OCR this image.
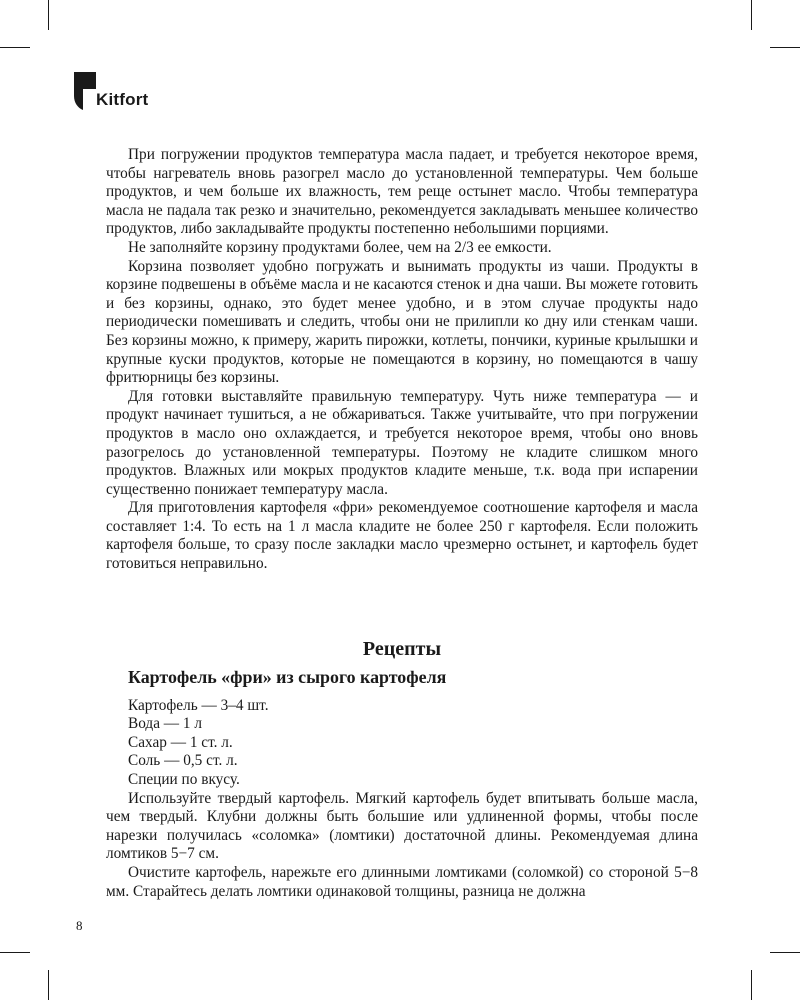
Kitfort

При погружении продуктов температура масла падает, и требуется некоторое время, чтобы нагреватель вновь разогрел масло до установленной температуры. Чем больше продуктов, и чем больше их влажность, тем реще остынет масло. Чтобы температура масла не падала так резко и значительно, рекомендуется закладывать меньшее количество продуктов, либо закладывайте продукты постепенно небольшими порциями.

Не заполняйте корзину продуктами более, чем на 2/3 ее емкости.

Корзина позволяет удобно погружать и вынимать продукты из чаши. Продукты в корзине подвешены в объёме масла и не касаются стенок и дна чаши. Вы можете готовить и без корзины, однако, это будет менее удобно, и в этом случае продукты надо периодически помешивать и следить, чтобы они не прилипли ко дну или стенкам чаши. Без корзины можно, к примеру, жарить пирожки, котлеты, пончики, куриные крылышки и крупные куски продуктов, которые не помещаются в корзину, но помещаются в чашу фритюрницы без корзины.

Для готовки выставляйте правильную температуру. Чуть ниже температура — и продукт начинает тушиться, а не обжариваться. Также учитывайте, что при погружении продуктов в масло оно охлаждается, и требуется некоторое время, чтобы оно вновь разогрелось до установленной температуры. Поэтому не кладите слишком много продуктов. Влажных или мокрых продуктов кладите меньше, т.к. вода при испарении существенно понижает температуру масла.

Для приготовления картофеля «фри» рекомендуемое соотношение картофеля и масла составляет 1:4. То есть на 1 л масла кладите не более 250 г картофеля. Если положить картофеля больше, то сразу после закладки масло чрезмерно остынет, и картофель будет готовиться неправильно.

Рецепты
Картофель «фри» из сырого картофеля
Картофель — 3–4 шт.
Вода — 1 л
Сахар — 1 ст. л.
Соль — 0,5 ст. л.
Специи по вкусу.

Используйте твердый картофель. Мягкий картофель будет впитывать больше масла, чем твердый. Клубни должны быть большие или удлиненной формы, чтобы после нарезки получилась «соломка» (ломтики) достаточной длины. Рекомендуемая длина ломтиков 5−7 см.

Очистите картофель, нарежьте его длинными ломтиками (соломкой) со стороной 5−8 мм. Старайтесь делать ломтики одинаковой толщины, разница не должна

8
